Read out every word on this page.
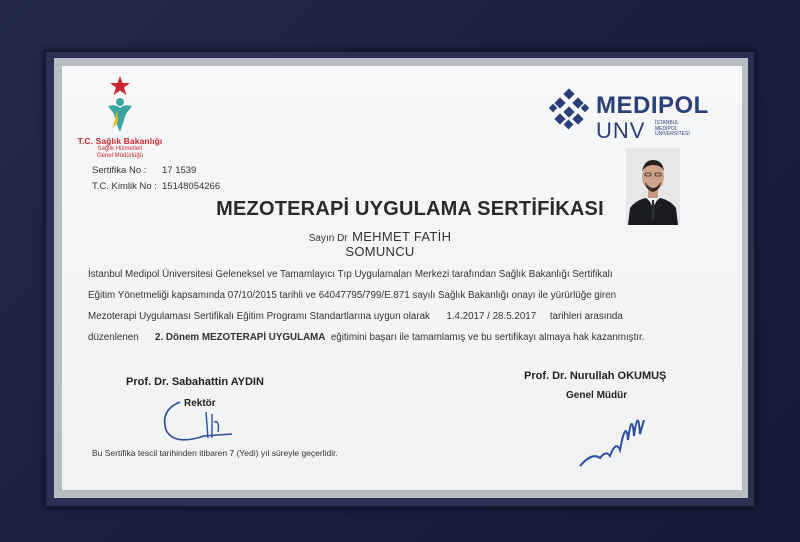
T.C. Sağlık Bakanlığı
Sağlık Hizmetleri
Genel Müdürlüğü
MEDIPOL
UNV İSTANBUL
MEDİPOL
ÜNİVERSİTESİ
Sertifika No : 17 1539
T.C. Kimlik No : 15148054266
MEZOTERAPİ UYGULAMA SERTİFİKASI
Sayın Dr MEHMET FATİH
SOMUNCU
İstanbul Medipol Üniversitesi Geleneksel ve Tamamlayıcı Tıp Uygulamaları Merkezi tarafından Sağlık Bakanlığı Sertifikalı
Eğitim Yönetmeliği kapsamında 07/10/2015 tarihli ve 64047795/799/E.871 sayılı Sağlık Bakanlığı onayı ile yürürlüğe giren
Mezoterapi Uygulaması Sertifikalı Eğitim Programı Standartlarına uygun olarak 1.4.2017 / 28.5.2017 tarihleri arasında
düzenlenen 2. Dönem MEZOTERAPİ UYGULAMA eğitimini başarı ile tamamlamış ve bu sertifikayı almaya hak kazanmıştır.
Prof. Dr. Sabahattin AYDIN
Rektör
Prof. Dr. Nurullah OKUMUŞ
Genel Müdür
Bu Sertifika tescil tarihinden itibaren 7 (Yedi) yıl süreyle geçerlidir.
